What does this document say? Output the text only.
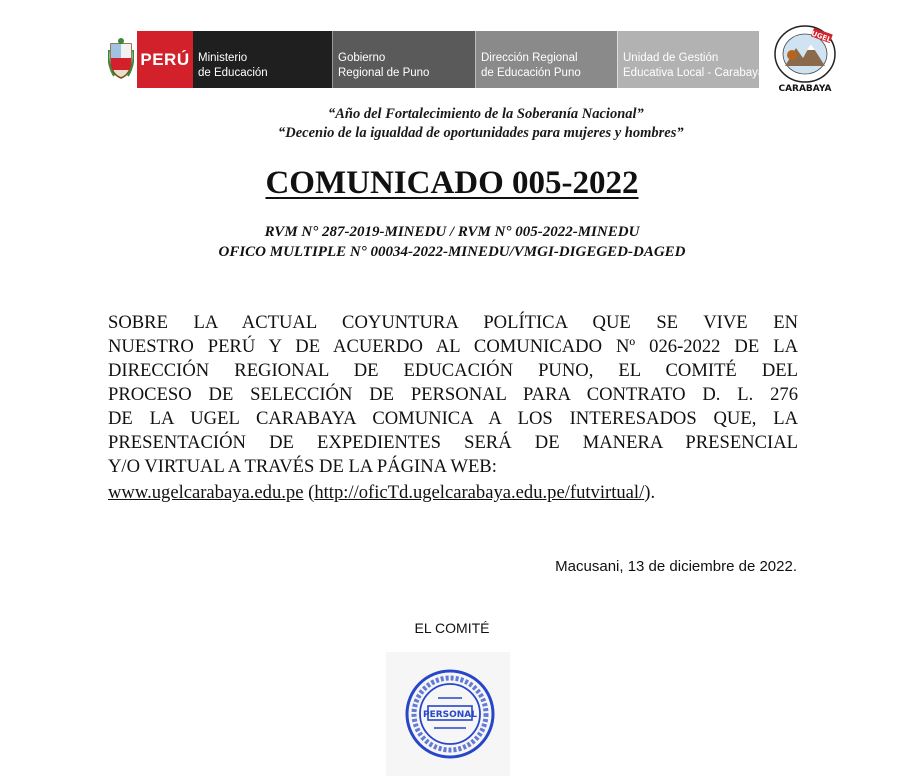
PERÚ Ministerio
de Educación
Gobierno
Regional de Puno
Dirección Regional
de Educación Puno
Unidad de Gestión
Educativa Local - Carabaya
UGEL
CARABAYA
“Año del Fortalecimiento de la Soberanía Nacional”
“Decenio de la igualdad de oportunidades para mujeres y hombres”
COMUNICADO 005-2022
RVM N° 287-2019-MINEDU / RVM N° 005-2022-MINEDU
OFICO MULTIPLE N° 00034-2022-MINEDU/VMGI-DIGEGED-DAGED
SOBRE LA ACTUAL COYUNTURA POLÍTICA QUE SE VIVE EN
NUESTRO PERÚ Y DE ACUERDO AL COMUNICADO Nº 026-2022 DE LA
DIRECCIÓN REGIONAL DE EDUCACIÓN PUNO, EL COMITÉ DEL
PROCESO DE SELECCIÓN DE PERSONAL PARA CONTRATO D. L. 276
DE LA UGEL CARABAYA COMUNICA A LOS INTERESADOS QUE, LA
PRESENTACIÓN DE EXPEDIENTES SERÁ DE MANERA PRESENCIAL
Y/O VIRTUAL A TRAVÉS DE LA PÁGINA WEB:
www.ugelcarabaya.edu.pe (http://oficTd.ugelcarabaya.edu.pe/futvirtual/).
Macusani, 13 de diciembre de 2022.
EL COMITÉ
PERSONAL
